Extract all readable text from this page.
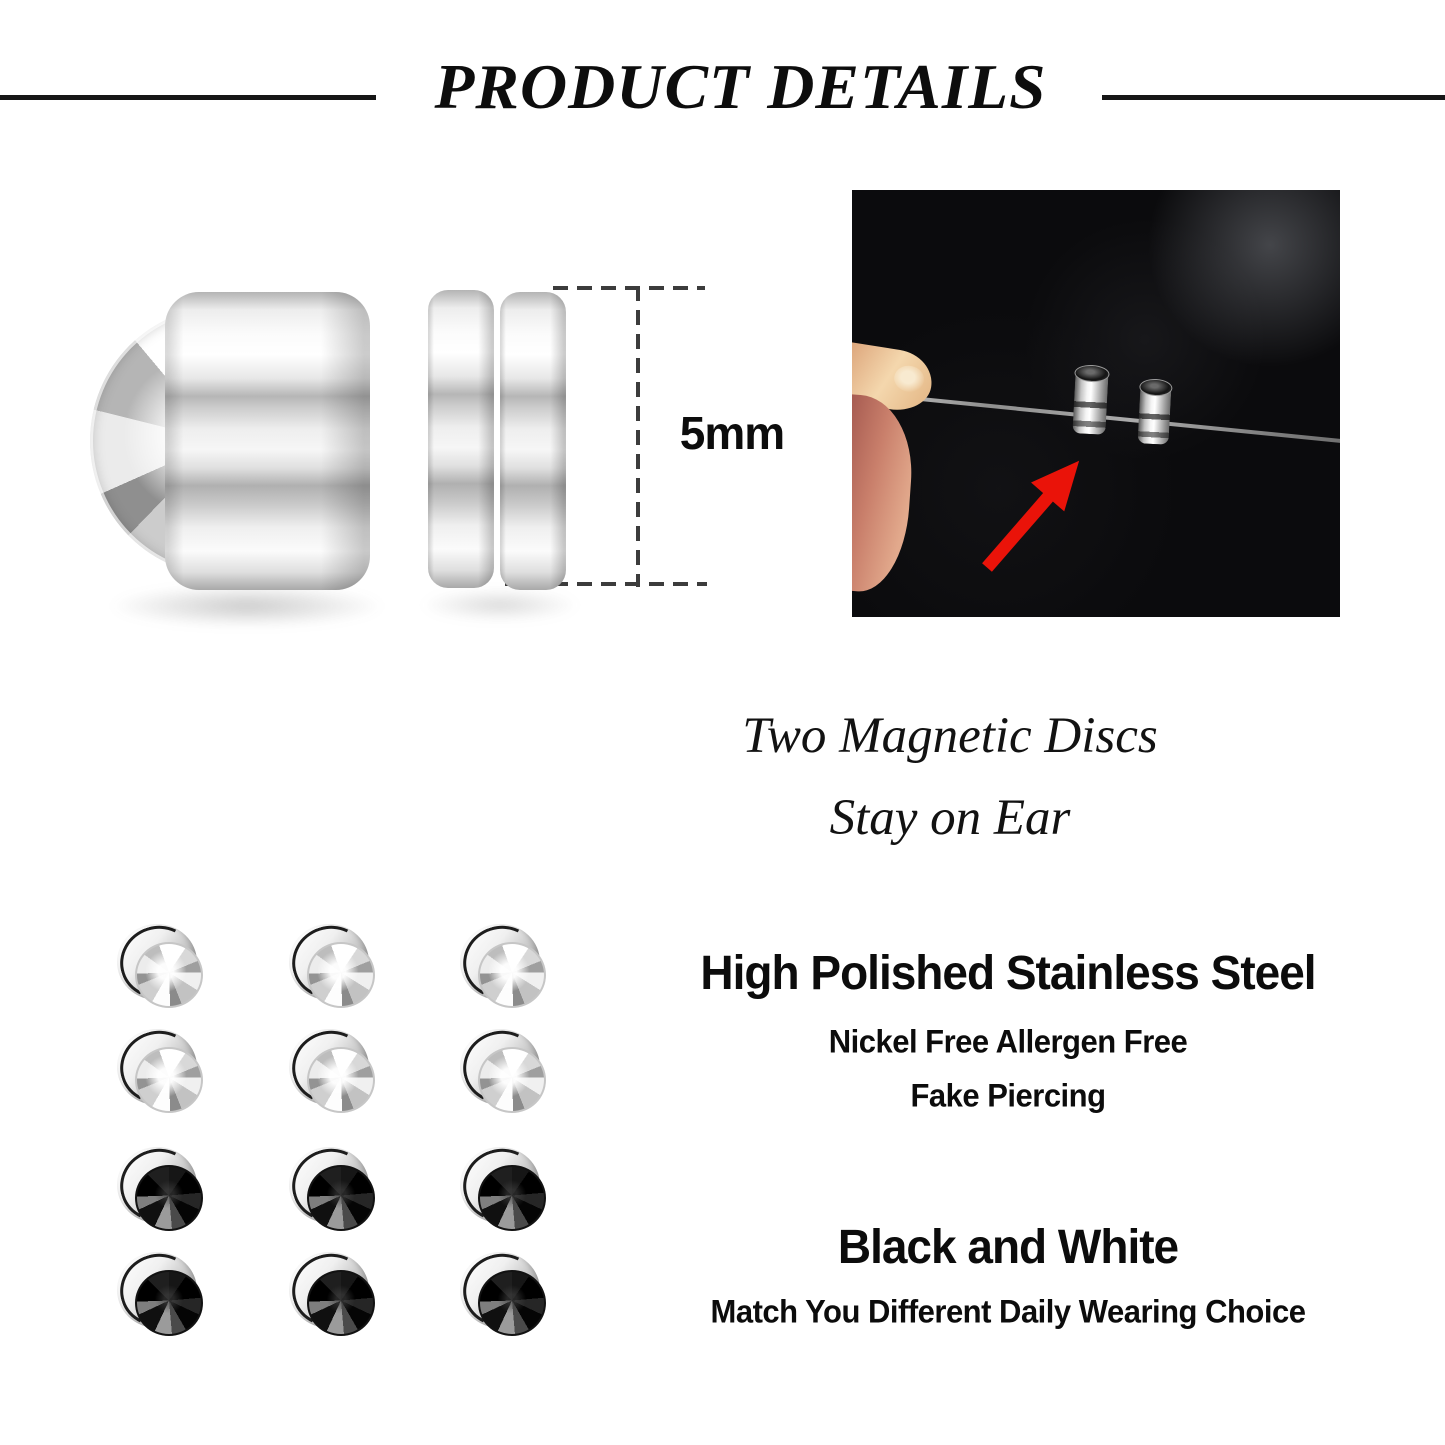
PRODUCT DETAILS
5mm
Two Magnetic Discs
Stay on Ear
High Polished Stainless Steel
Nickel Free Allergen Free
Fake Piercing
Black and White
Match You Different Daily Wearing Choice
